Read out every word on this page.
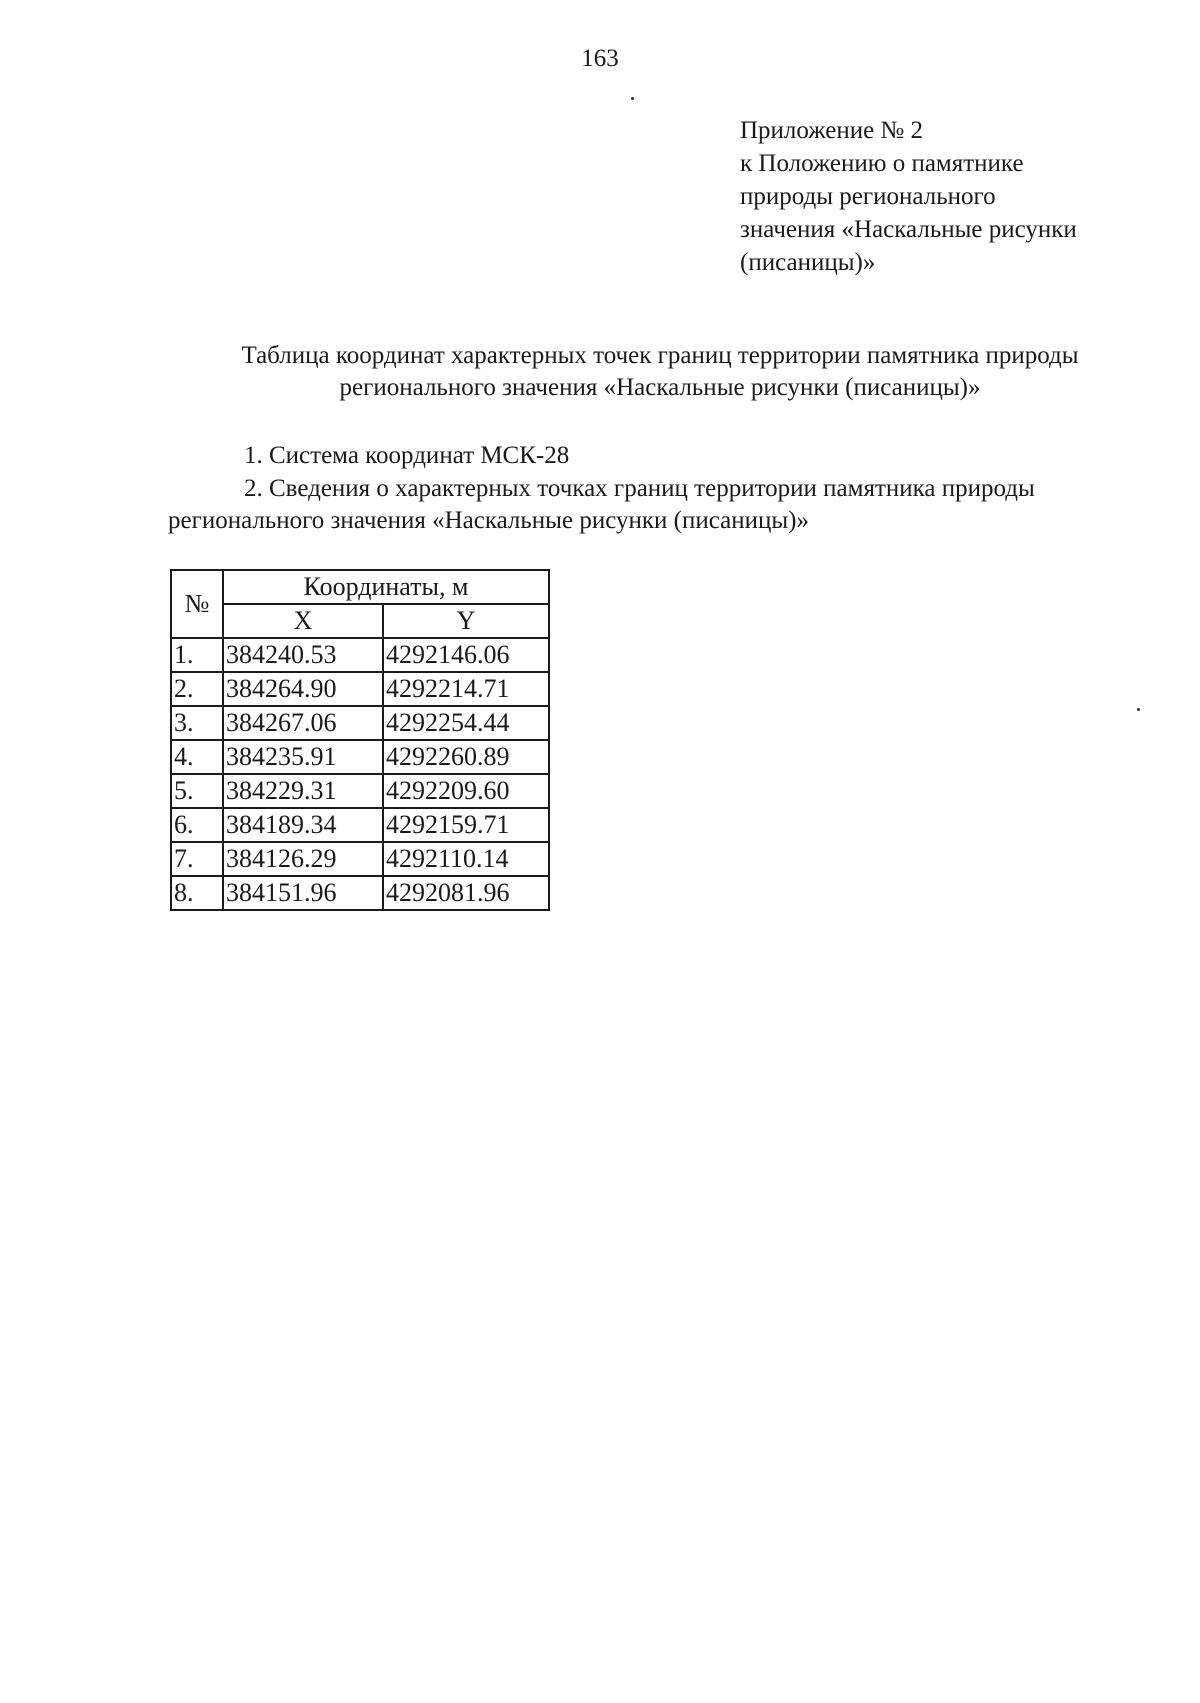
163
Приложение № 2
к Положению о памятнике
природы регионального
значения «Наскальные рисунки
(писаницы)»
Таблица координат характерных точек границ территории памятника природы
регионального значения «Наскальные рисунки (писаницы)»
1. Система координат МСК-28
2. Сведения о характерных точках границ территории памятника природы
регионального значения «Наскальные рисунки (писаницы)»
№	Координаты, м	
	X	Y
1.	384240.53	4292146.06
2.	384264.90	4292214.71
3.	384267.06	4292254.44
4.	384235.91	4292260.89
5.	384229.31	4292209.60
6.	384189.34	4292159.71
7.	384126.29	4292110.14
8.	384151.96	4292081.96
